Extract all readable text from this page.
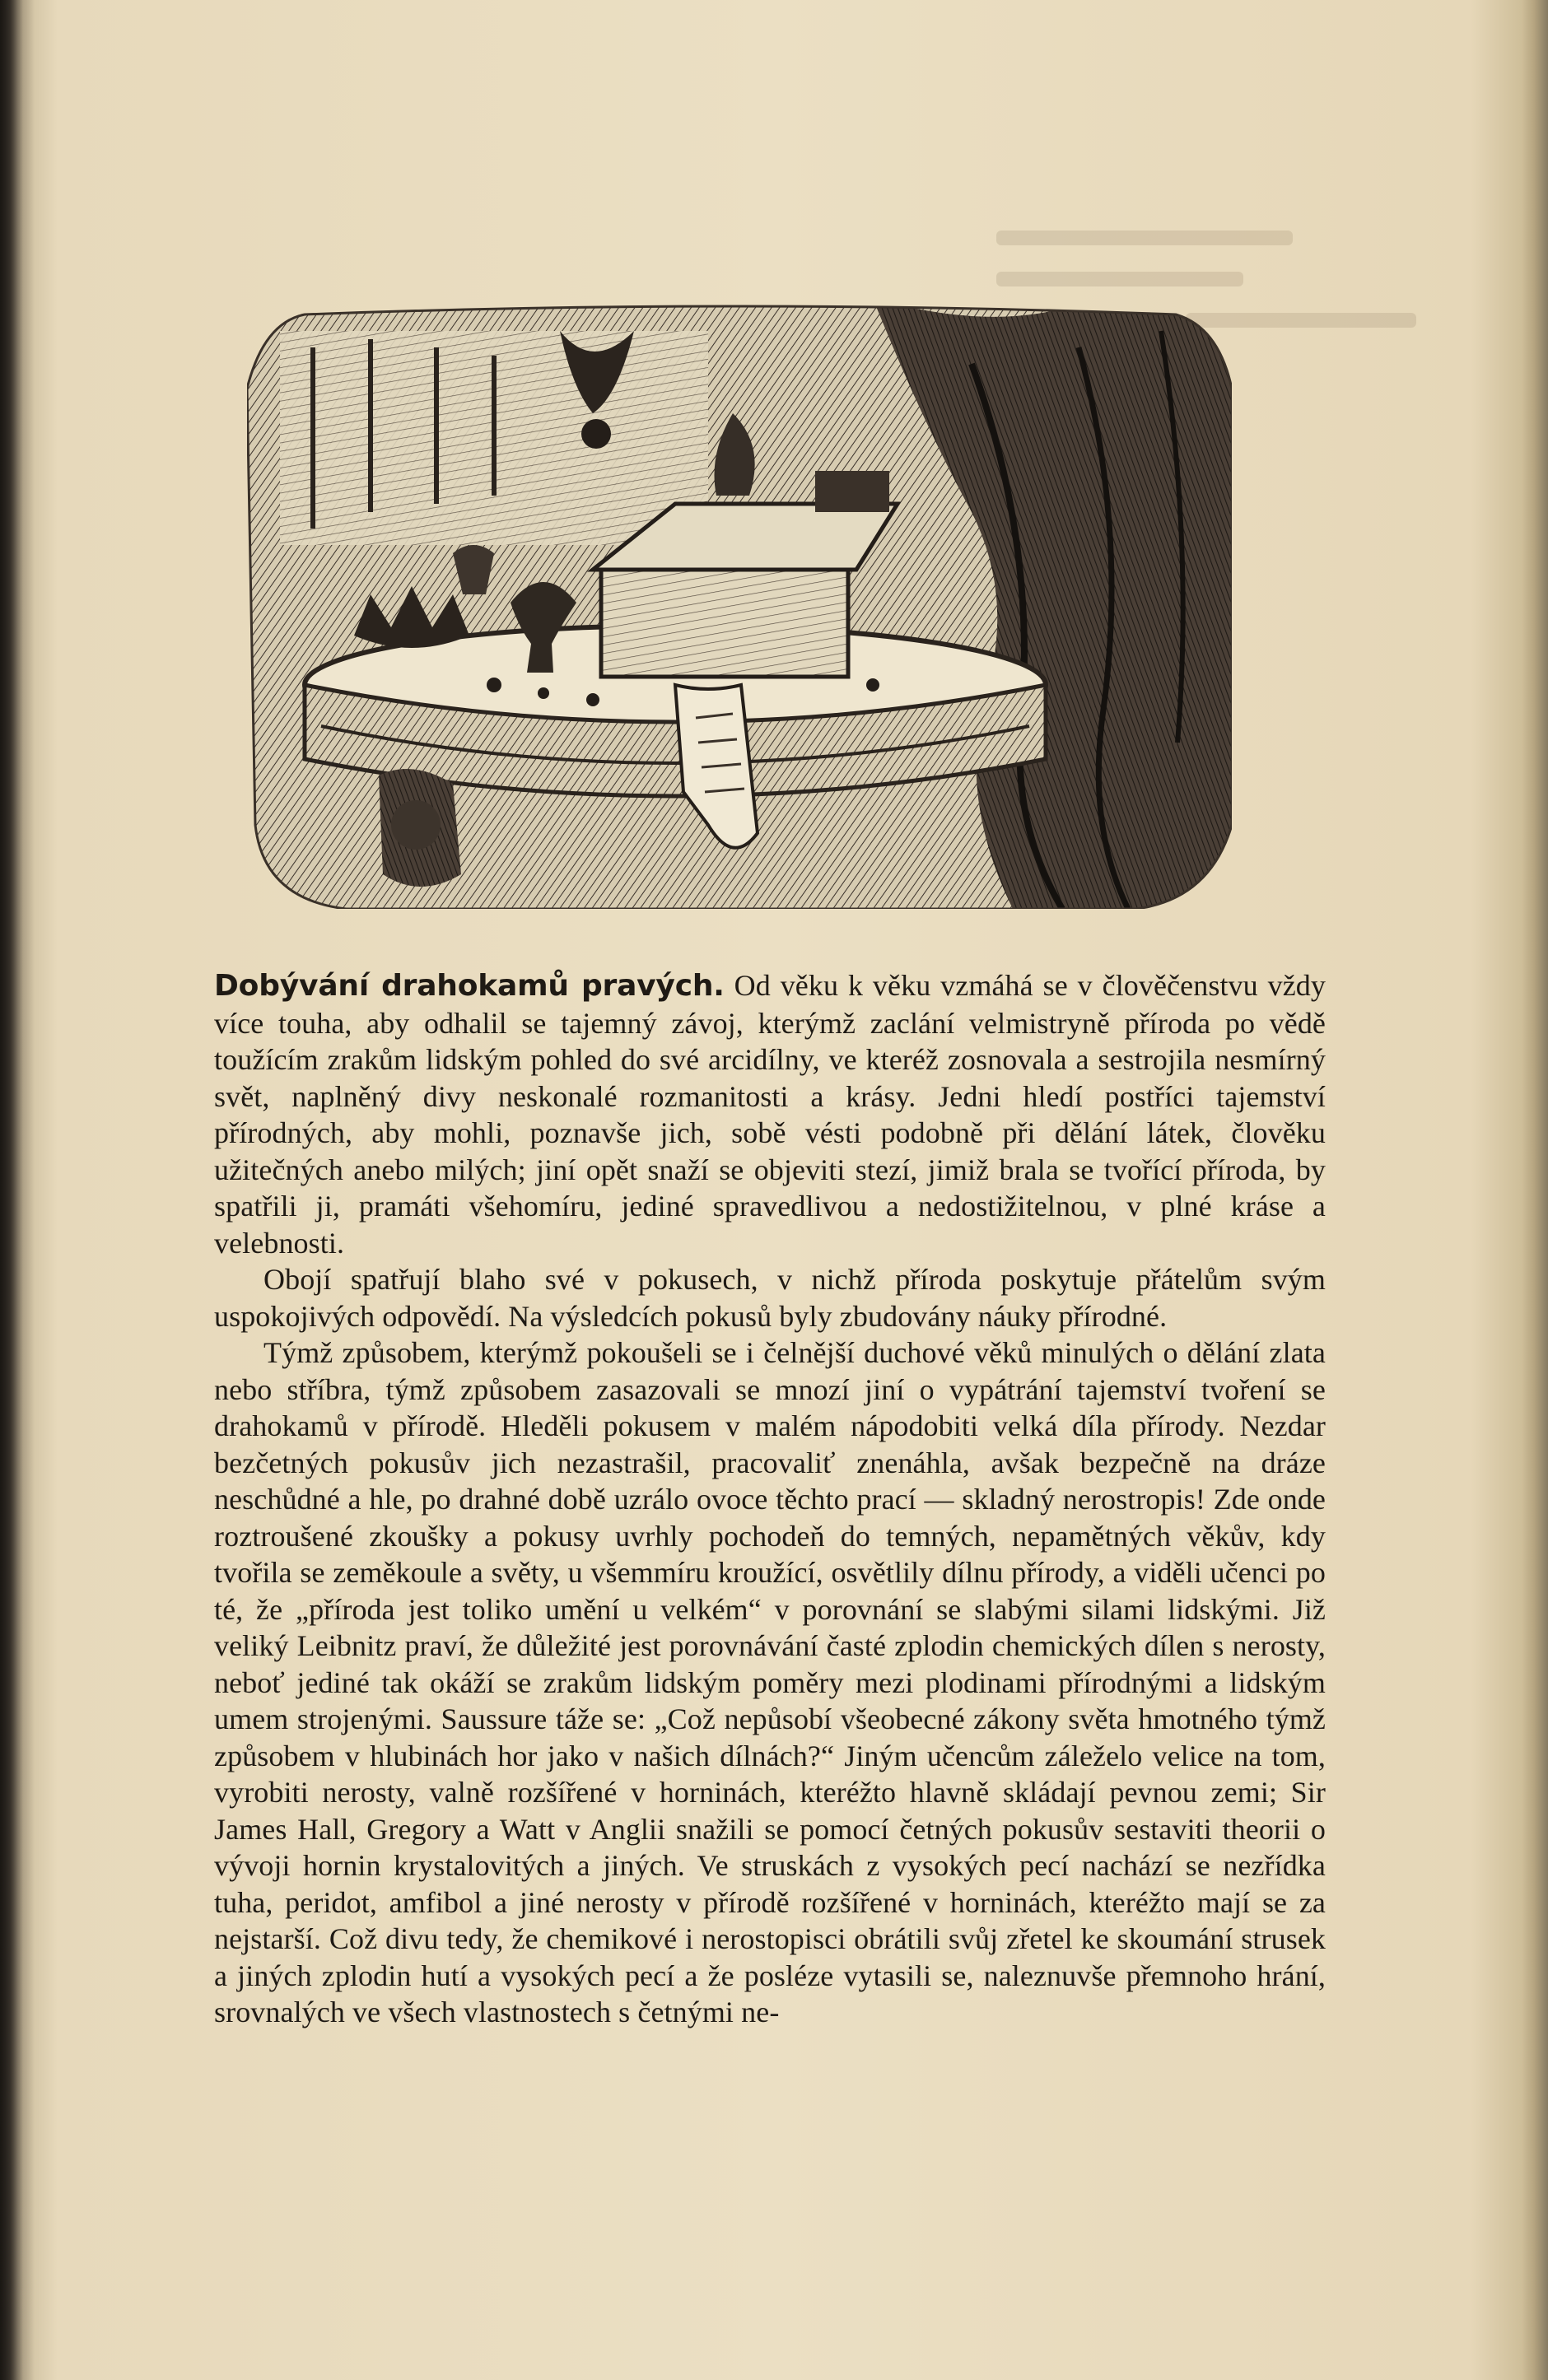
Dobývání drahokamů pravých. Od věku k věku vzmáhá se v člověčenstvu vždy více touha, aby odhalil se tajemný závoj, kterýmž zaclání velmistryně příroda po vědě toužícím zrakům lidským pohled do své arcidílny, ve kteréž zosnovala a sestrojila nesmírný svět, naplněný divy neskonalé rozmanitosti a krásy. Jedni hledí postříci tajemství přírodných, aby mohli, poznavše jich, sobě vésti podobně při dělání látek, člověku užitečných anebo milých; jiní opět snaží se objeviti stezí, jimiž brala se tvořící příroda, by spatřili ji, pramáti všehomíru, jediné spravedlivou a nedostižitelnou, v plné kráse a velebnosti.

Obojí spatřují blaho své v pokusech, v nichž příroda poskytuje přátelům svým uspokojivých odpovědí. Na výsledcích pokusů byly zbudovány náuky přírodné.

Týmž způsobem, kterýmž pokoušeli se i čelnější duchové věků minulých o dělání zlata nebo stříbra, týmž způsobem zasazovali se mnozí jiní o vypátrání tajemství tvoření se drahokamů v přírodě. Hleděli pokusem v malém nápodobiti velká díla přírody. Nezdar bezčetných pokusův jich nezastrašil, pracovaliť znenáhla, avšak bezpečně na dráze neschůdné a hle, po drahné době uzrálo ovoce těchto prací — skladný nerostropis! Zde onde roztroušené zkoušky a pokusy uvrhly pochodeň do temných, nepamětných věkův, kdy tvořila se zeměkoule a světy, u všemmíru kroužící, osvětlily dílnu přírody, a viděli učenci po té, že „příroda jest toliko umění u velkém“ v porovnání se slabými silami lidskými. Již veliký Leibnitz praví, že důležité jest porovnávání časté zplodin chemických dílen s nerosty, neboť jediné tak okáží se zrakům lidským poměry mezi plodinami přírodnými a lidským umem strojenými. Saussure táže se: „Což nepůsobí všeobecné zákony světa hmotného týmž způsobem v hlubinách hor jako v našich dílnách?“ Jiným učencům záleželo velice na tom, vyrobiti nerosty, valně rozšířené v horninách, kteréžto hlavně skládají pevnou zemi; Sir James Hall, Gregory a Watt v Anglii snažili se pomocí četných pokusův sestaviti theorii o vývoji hornin krystalovitých a jiných. Ve struskách z vysokých pecí nachází se nezřídka tuha, peridot, amfibol a jiné nerosty v přírodě rozšířené v horninách, kteréžto mají se za nejstarší. Což divu tedy, že chemikové i nerostopisci obrátili svůj zřetel ke skoumání strusek a jiných zplodin hutí a vysokých pecí a že posléze vytasili se, naleznuvše přemnoho hrání, srovnalých ve všech vlastnostech s četnými ne-
